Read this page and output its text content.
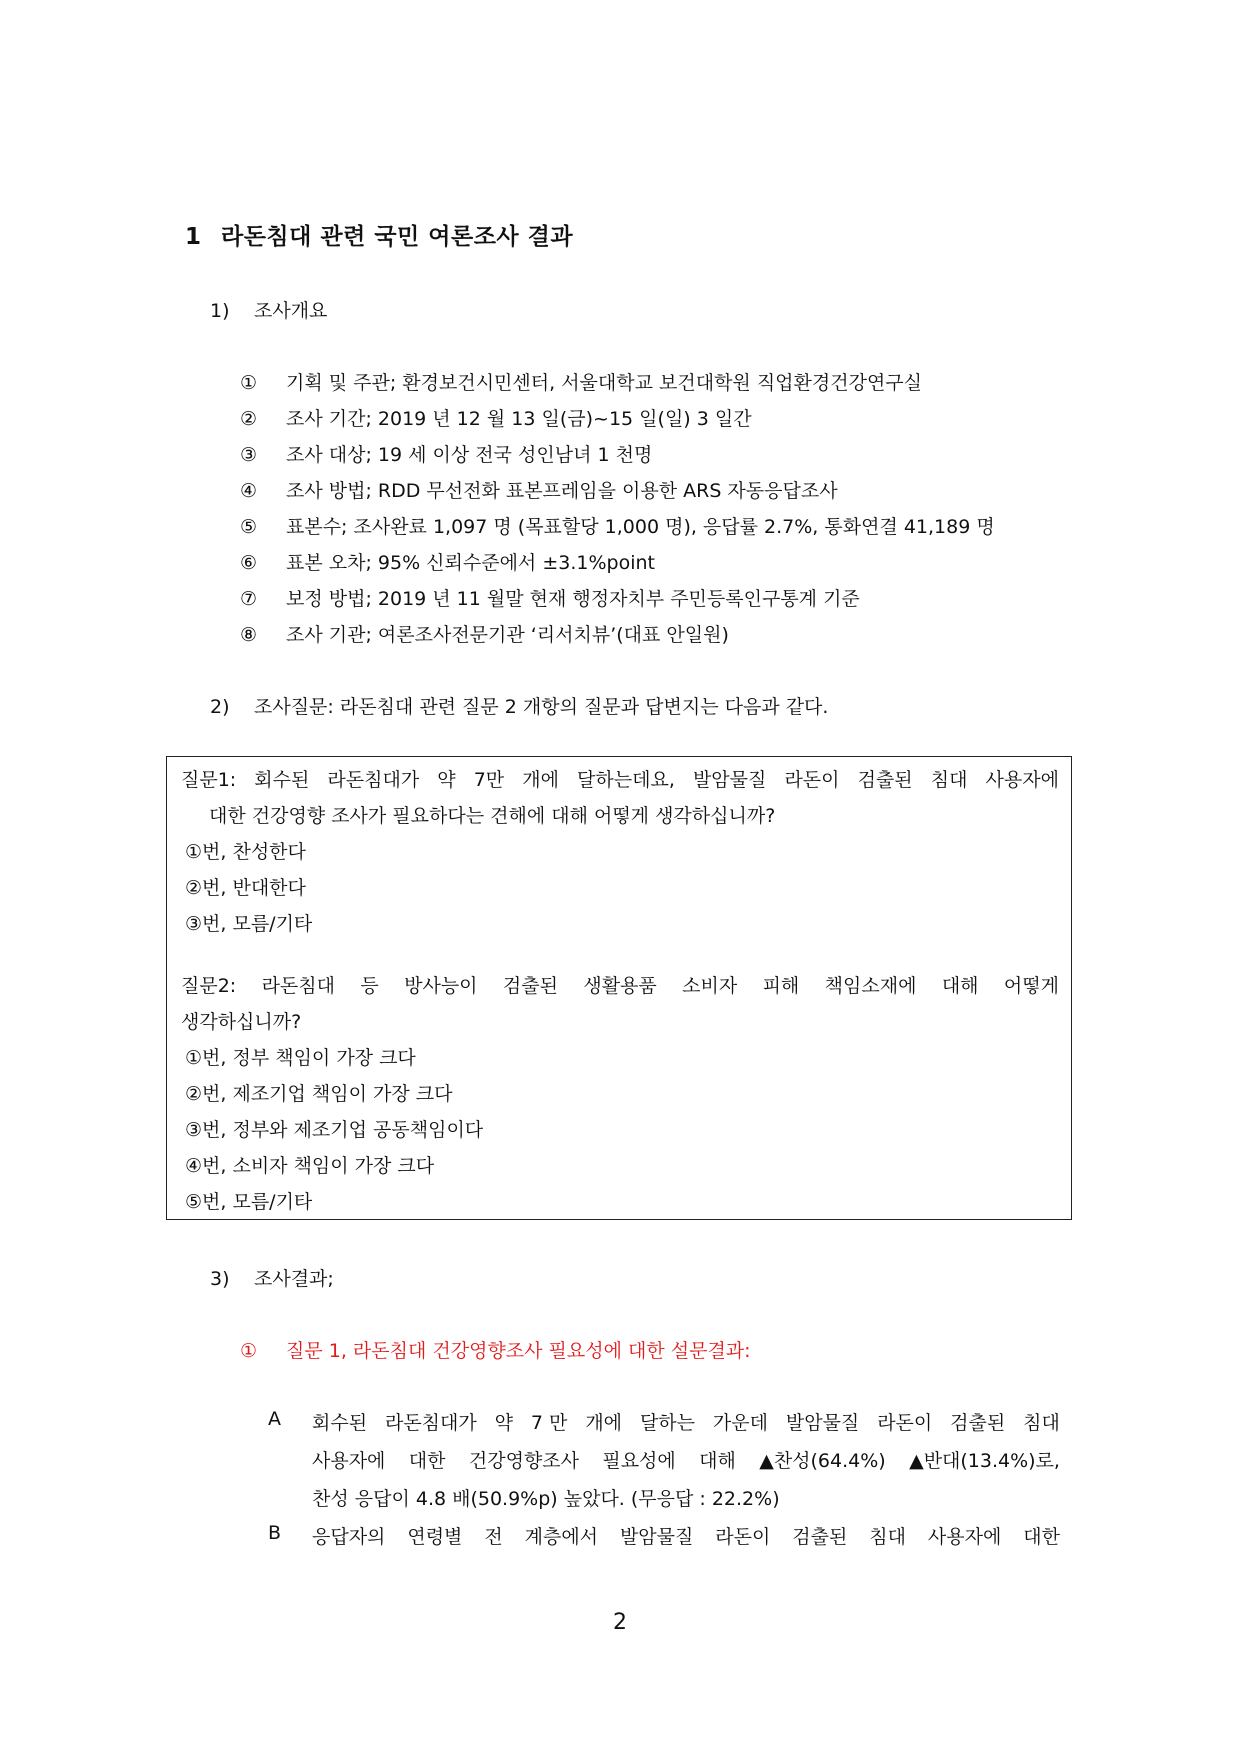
1 라돈침대 관련 국민 여론조사 결과
1) 조사개요
① 기획 및 주관; 환경보건시민센터, 서울대학교 보건대학원 직업환경건강연구실
② 조사 기간; 2019 년 12 월 13 일(금)~15 일(일) 3 일간
③ 조사 대상; 19 세 이상 전국 성인남녀 1 천명
④ 조사 방법; RDD 무선전화 표본프레임을 이용한 ARS 자동응답조사
⑤ 표본수; 조사완료 1,097 명 (목표할당 1,000 명), 응답률 2.7%, 통화연결 41,189 명
⑥ 표본 오차; 95% 신뢰수준에서 ±3.1%point
⑦ 보정 방법; 2019 년 11 월말 현재 행정자치부 주민등록인구통계 기준
⑧ 조사 기관; 여론조사전문기관 ‘리서치뷰’(대표 안일원)
2) 조사질문: 라돈침대 관련 질문 2 개항의 질문과 답변지는 다음과 같다.
질문1: 회수된 라돈침대가 약 7만 개에 달하는데요, 발암물질 라돈이 검출된 침대 사용자에
대한 건강영향 조사가 필요하다는 견해에 대해 어떻게 생각하십니까?
①번, 찬성한다
②번, 반대한다
③번, 모름/기타
질문2: 라돈침대 등 방사능이 검출된 생활용품 소비자 피해 책임소재에 대해 어떻게
생각하십니까?
①번, 정부 책임이 가장 크다
②번, 제조기업 책임이 가장 크다
③번, 정부와 제조기업 공동책임이다
④번, 소비자 책임이 가장 크다
⑤번, 모름/기타
3) 조사결과;
① 질문 1, 라돈침대 건강영향조사 필요성에 대한 설문결과:
A	회수된 라돈침대가 약 7 만 개에 달하는 가운데 발암물질 라돈이 검출된 침대
사용자에 대한 건강영향조사 필요성에 대해 ▲찬성(64.4%) ▲반대(13.4%)로,
찬성 응답이 4.8 배(50.9%p) 높았다. (무응답 : 22.2%)
B	응답자의 연령별 전 계층에서 발암물질 라돈이 검출된 침대 사용자에 대한
2
